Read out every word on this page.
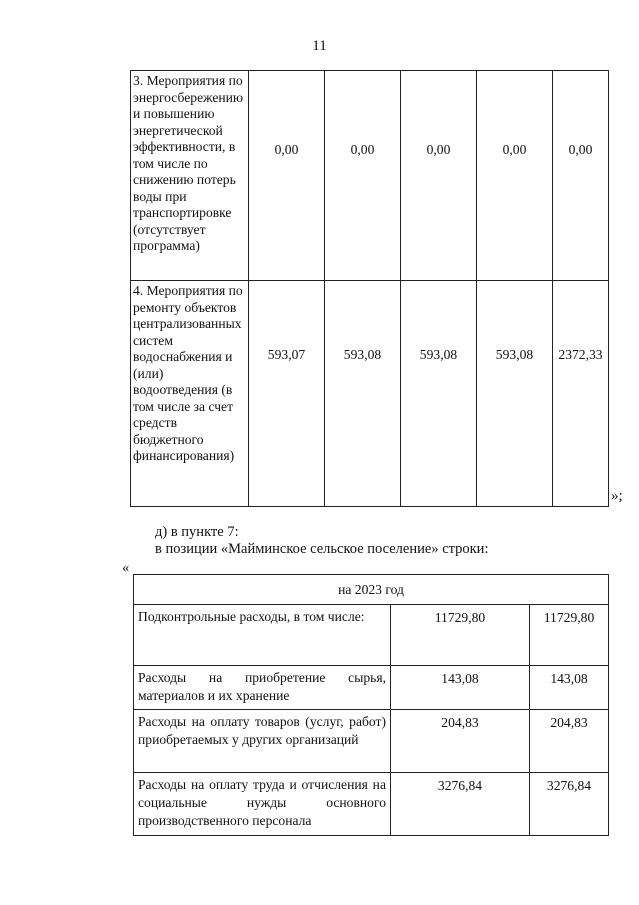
11
3. Мероприятия по энергосбережению и повышению энергетической эффективности, в том числе по снижению потерь воды при транспортировке (отсутствует программа)	0,00	0,00	0,00	0,00	0,00
4. Мероприятия по ремонту объектов централизованных систем водоснабжения и (или) водоотведения (в том числе за счет средств бюджетного финансирования)	593,07	593,08	593,08	593,08	2372,33
»;
д) в пункте 7:
в позиции «Майминское сельское поселение» строки:
«
на 2023 год		
Подконтрольные расходы, в том числе:	11729,80	11729,80
Расходы на приобретение сырья, материалов и их хранение	143,08	143,08
Расходы на оплату товаров (услуг, работ) приобретаемых у других организаций	204,83	204,83
Расходы на оплату труда и отчисления на социальные нужды основного производственного персонала	3276,84	3276,84
